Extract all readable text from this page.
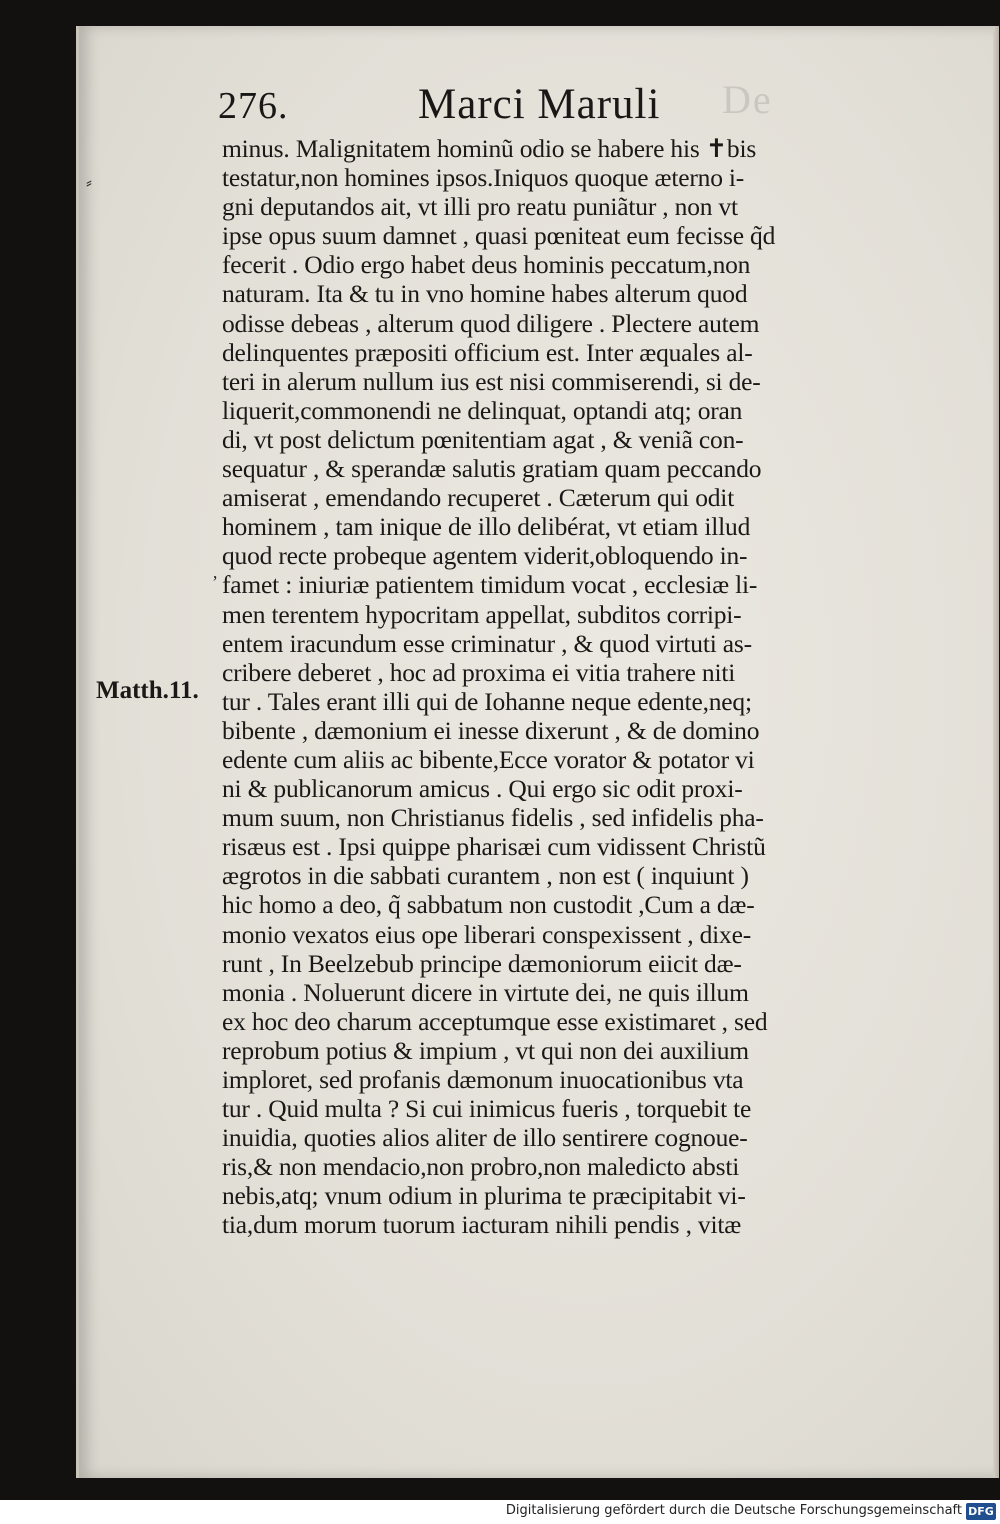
276.	Marci Maruli De
Matth.11.
minus. Malignitatem hominũ odio se habere his ✝bis
testatur,non homines ipsos.Iniquos quoque æterno i-
gni deputandos ait, vt illi pro reatu puniãtur , non vt
ipse opus suum damnet , quasi pœniteat eum fecisse q̃d
fecerit . Odio ergo habet deus hominis peccatum,non
naturam. Ita & tu in vno homine habes alterum quod
odisse debeas , alterum quod diligere . Plectere autem
delinquentes præpositi officium est. Inter æquales al-
teri in alerum nullum ius est nisi commiserendi, si de-
liquerit,commonendi ne delinquat, optandi atq; oran
di, vt post delictum pœnitentiam agat , & veniã con-
sequatur , & sperandæ salutis gratiam quam peccando
amiserat , emendando recuperet . Cæterum qui odit
hominem , tam inique de illo delibérat, vt etiam illud
quod recte probeque agentem viderit,obloquendo in-
famet : iniuriæ patientem timidum vocat , ecclesiæ li-
men terentem hypocritam appellat, subditos corripi-
entem iracundum esse criminatur , & quod virtuti as-
cribere deberet , hoc ad proxima ei vitia trahere niti
tur . Tales erant illi qui de Iohanne neque edente,neq;
bibente , dæmonium ei inesse dixerunt , & de domino
edente cum aliis ac bibente,Ecce vorator & potator vi
ni & publicanorum amicus . Qui ergo sic odit proxi-
mum suum, non Christianus fidelis , sed infidelis pha-
risæus est . Ipsi quippe pharisæi cum vidissent Christũ
ægrotos in die sabbati curantem , non est ( inquiunt )
hic homo a deo, q̃ sabbatum non custodit ,Cum a dæ-
monio vexatos eius ope liberari conspexissent , dixe-
runt , In Beelzebub principe dæmoniorum eiicit dæ-
monia . Noluerunt dicere in virtute dei, ne quis illum
ex hoc deo charum acceptumque esse existimaret , sed
reprobum potius & impium , vt qui non dei auxilium
imploret, sed profanis dæmonum inuocationibus vta
tur . Quid multa ? Si cui inimicus fueris , torquebit te
inuidia, quoties alios aliter de illo sentirere cognoue-
ris,& non mendacio,non probro,non maledicto absti
nebis,atq; vnum odium in plurima te præcipitabit vi-
tia,dum morum tuorum iacturam nihili pendis , vitæ
⸗
ʼ
Digitalisierung gefördert durch die Deutsche Forschungsgemeinschaft DFG
